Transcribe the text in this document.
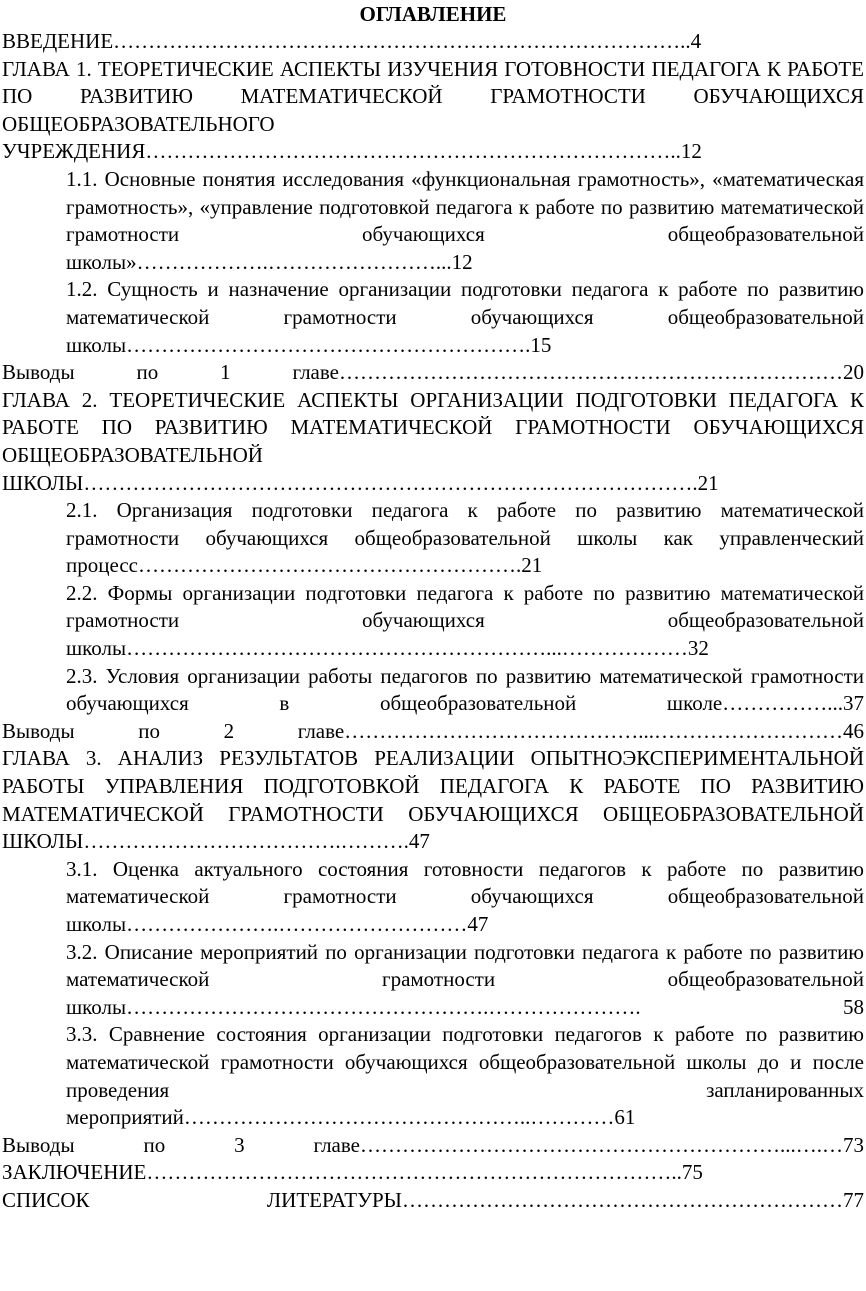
ОГЛАВЛЕНИЕ

ВВЕДЕНИЕ………………………………………………………………………..4

ГЛАВА 1. ТЕОРЕТИЧЕСКИЕ АСПЕКТЫ ИЗУЧЕНИЯ ГОТОВНОСТИ ПЕДАГОГА К РАБОТЕ ПО РАЗВИТИЮ МАТЕМАТИЧЕСКОЙ ГРАМОТНОСТИ ОБУЧАЮЩИХСЯ ОБЩЕОБРАЗОВАТЕЛЬНОГО УЧРЕЖДЕНИЯ…………………………………………………………………..12

1.1. Основные понятия исследования «функциональная грамотность», «математическая грамотность», «управление подготовкой педагога к работе по развитию математической грамотности обучающихся общеобразовательной школы»……………….……………………...12

1.2. Сущность и назначение организации подготовки педагога к работе по развитию математической грамотности обучающихся общеобразовательной школы………………………………………………….15

Выводы по 1 главе………………………………………………………………20

ГЛАВА 2. ТЕОРЕТИЧЕСКИЕ АСПЕКТЫ ОРГАНИЗАЦИИ ПОДГОТОВКИ ПЕДАГОГА К РАБОТЕ ПО РАЗВИТИЮ МАТЕМАТИЧЕСКОЙ ГРАМОТНОСТИ ОБУЧАЮЩИХСЯ ОБЩЕОБРАЗОВАТЕЛЬНОЙ ШКОЛЫ…………………………………………………………………………….21

2.1. Организация подготовки педагога к работе по развитию математической грамотности обучающихся общеобразовательной школы как управленческий процесс……………………………………………….21

2.2. Формы организации подготовки педагога к работе по развитию математической грамотности обучающихся общеобразовательной школы……………………………………………………...………………32

2.3. Условия организации работы педагогов по развитию математической грамотности обучающихся в общеобразовательной школе……………...37

Выводы по 2 главе……………………………………...………………………46

ГЛАВА 3. АНАЛИЗ РЕЗУЛЬТАТОВ РЕАЛИЗАЦИИ ОПЫТНОЭКСПЕРИМЕНТАЛЬНОЙ РАБОТЫ УПРАВЛЕНИЯ ПОДГОТОВКОЙ ПЕДАГОГА К РАБОТЕ ПО РАЗВИТИЮ МАТЕМАТИЧЕСКОЙ ГРАМОТНОСТИ ОБУЧАЮЩИХСЯ ОБЩЕОБРАЗОВАТЕЛЬНОЙ ШКОЛЫ……………………………….……….47

3.1. Оценка актуального состояния готовности педагогов к работе по развитию математической грамотности обучающихся общеобразовательной школы………………….………………………47

3.2. Описание мероприятий по организации подготовки педагога к работе по развитию математической грамотности общеобразовательной школы…………………………………………….…………………. 58

3.3. Сравнение состояния организации подготовки педагогов к работе по развитию математической грамотности обучающихся общеобразовательной школы до и после проведения запланированных мероприятий…………………………………………..…………61

Выводы по 3 главе……………………………………………………...….…73

ЗАКЛЮЧЕНИЕ…………………………………………………………………..75

СПИСОК ЛИТЕРАТУРЫ………………………………………………………77
